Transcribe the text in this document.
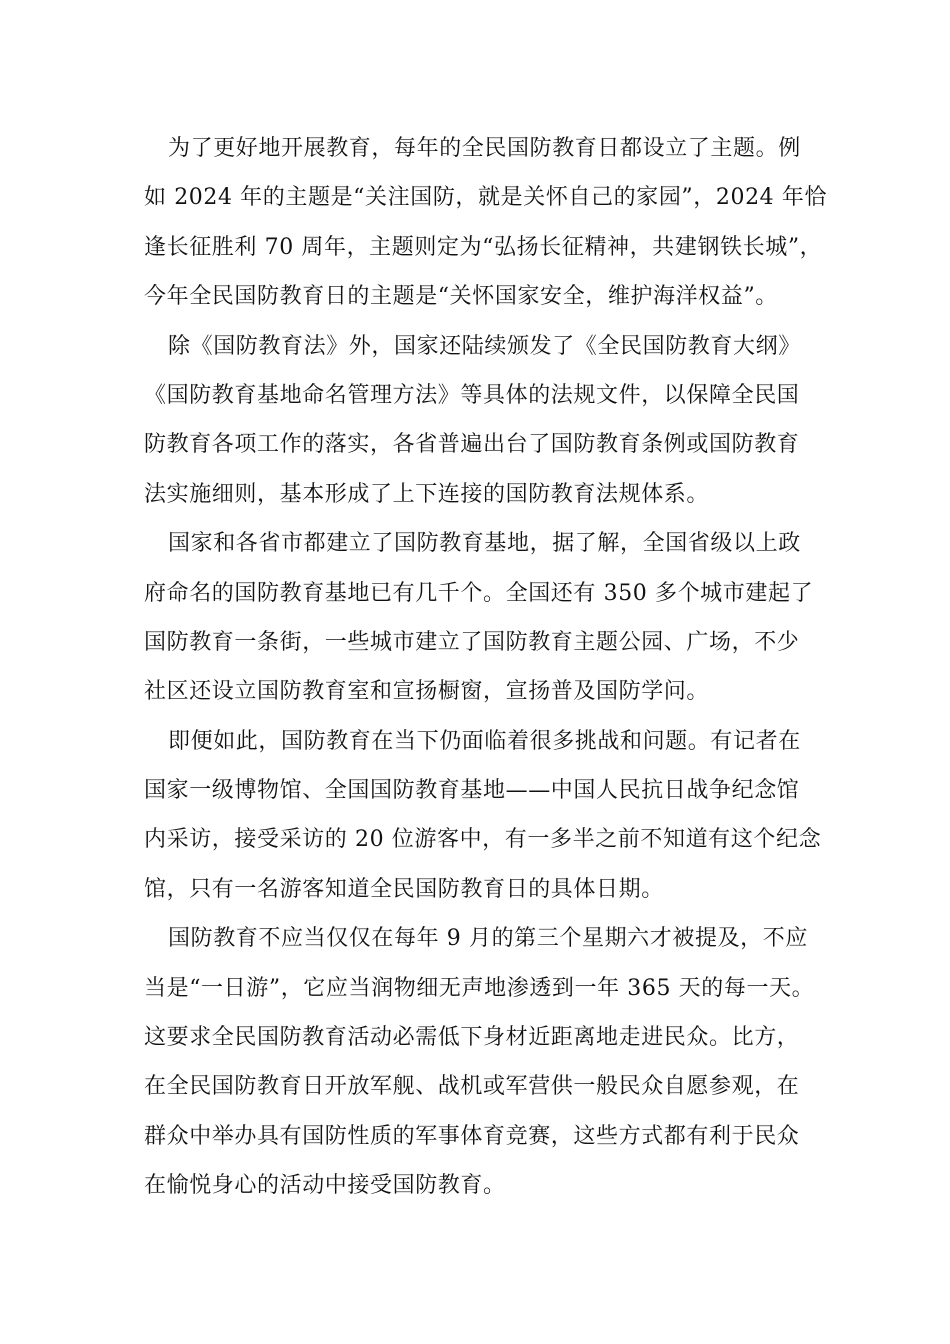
为了更好地开展教育，每年的全民国防教育日都设立了主题。例
如 2024 年的主题是“关注国防，就是关怀自己的家园”，2024 年恰
逢长征胜利 70 周年，主题则定为“弘扬长征精神，共建钢铁长城”，
今年全民国防教育日的主题是“关怀国家安全，维护海洋权益”。
除《国防教育法》外，国家还陆续颁发了《全民国防教育大纲》
《国防教育基地命名管理方法》等具体的法规文件，以保障全民国
防教育各项工作的落实，各省普遍出台了国防教育条例或国防教育
法实施细则，基本形成了上下连接的国防教育法规体系。
国家和各省市都建立了国防教育基地，据了解，全国省级以上政
府命名的国防教育基地已有几千个。全国还有 350 多个城市建起了
国防教育一条街，一些城市建立了国防教育主题公园、广场，不少
社区还设立国防教育室和宣扬橱窗，宣扬普及国防学问。
即便如此，国防教育在当下仍面临着很多挑战和问题。有记者在
国家一级博物馆、全国国防教育基地——中国人民抗日战争纪念馆
内采访，接受采访的 20 位游客中，有一多半之前不知道有这个纪念
馆，只有一名游客知道全民国防教育日的具体日期。
国防教育不应当仅仅在每年 9 月的第三个星期六才被提及，不应
当是“一日游”，它应当润物细无声地渗透到一年 365 天的每一天。
这要求全民国防教育活动必需低下身材近距离地走进民众。比方，
在全民国防教育日开放军舰、战机或军营供一般民众自愿参观，在
群众中举办具有国防性质的军事体育竞赛，这些方式都有利于民众
在愉悦身心的活动中接受国防教育。
